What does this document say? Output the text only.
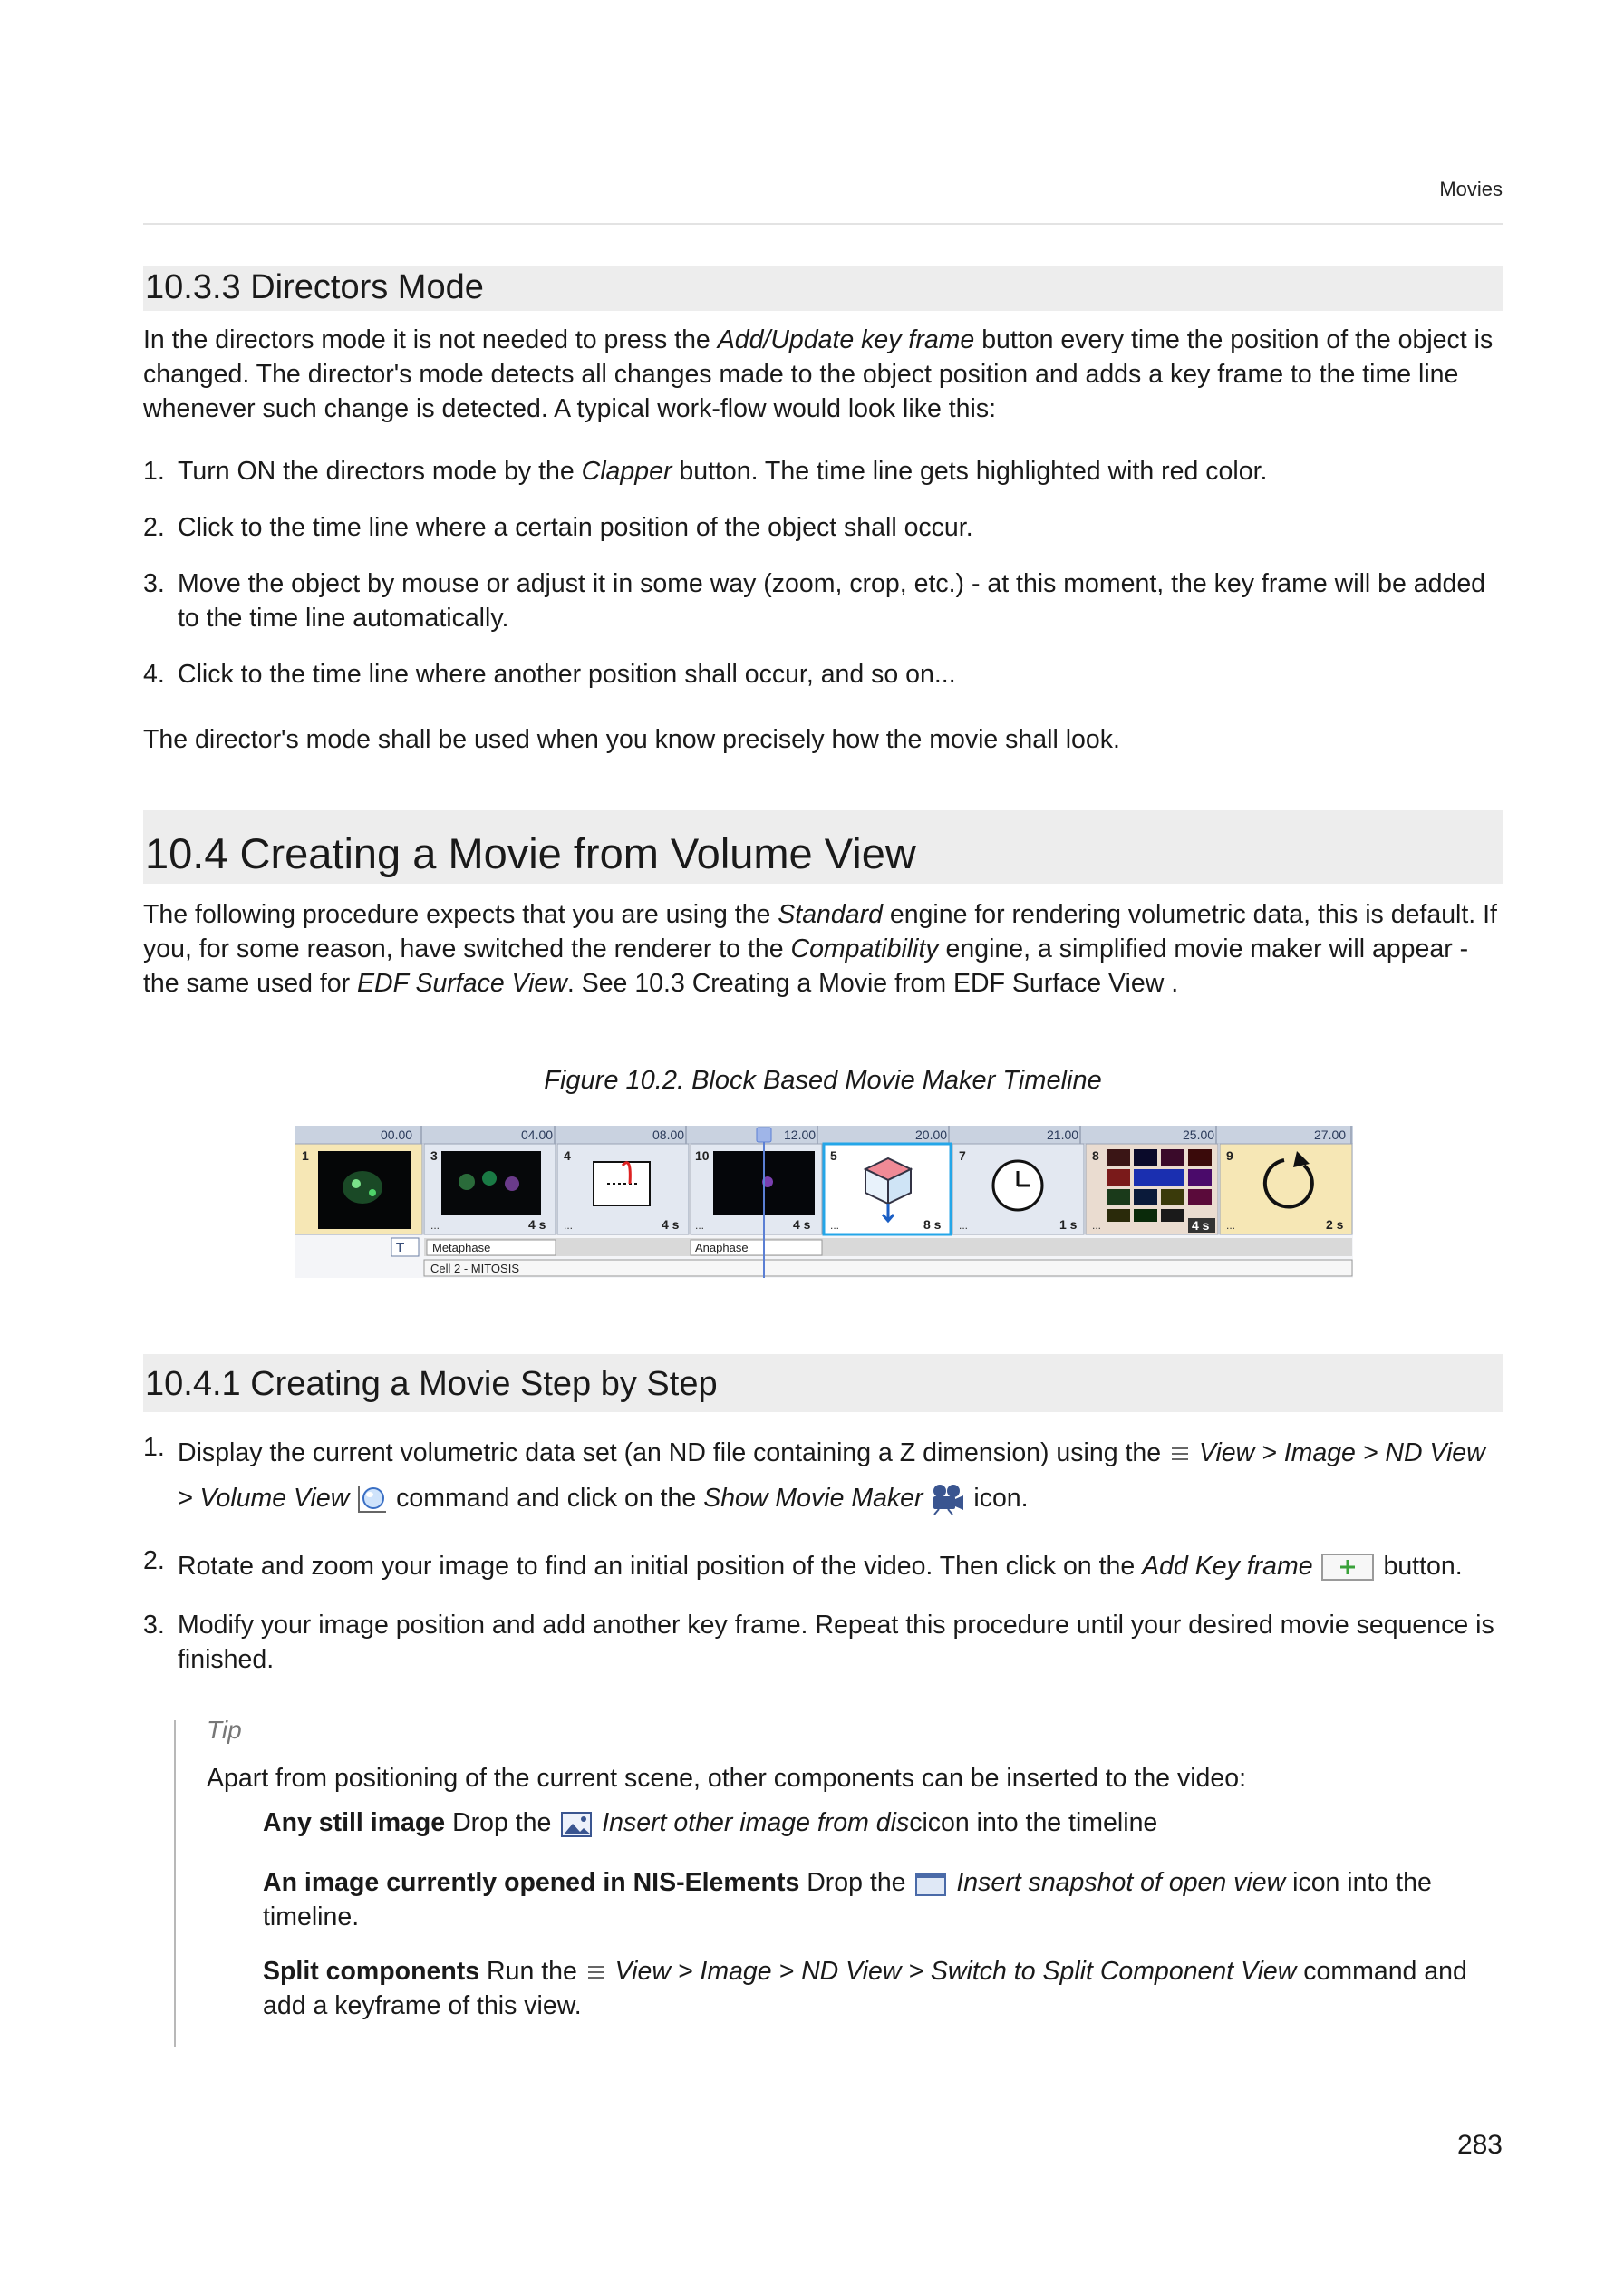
Movies
10.3.3 Directors Mode
In the directors mode it is not needed to press the Add/Update key frame button every time the position of the object is changed. The director's mode detects all changes made to the object position and adds a key frame to the time line whenever such change is detected. A typical work-flow would look like this:
1. Turn ON the directors mode by the Clapper button. The time line gets highlighted with red color.
2. Click to the time line where a certain position of the object shall occur.
3. Move the object by mouse or adjust it in some way (zoom, crop, etc.) - at this moment, the key frame will be added to the time line automatically.
4. Click to the time line where another position shall occur, and so on...
The director's mode shall be used when you know precisely how the movie shall look.
10.4 Creating a Movie from Volume View
The following procedure expects that you are using the Standard engine for rendering volumetric data, this is default. If you, for some reason, have switched the renderer to the Compatibility engine, a simplified movie maker will appear - the same used for EDF Surface View. See 10.3 Creating a Movie from EDF Surface View .
Figure 10.2. Block Based Movie Maker Timeline
00.00	04.00	08.00	12.00	20.00	21.00	25.00	27.00
1	3
...	4 s
4
...	4 s
10
...	4 s
5
...	8 s
7
...	1 s
8
...	4 s
9
...	2 s
T Metaphase	Anaphase
Cell 2 - MITOSIS
10.4.1 Creating a Movie Step by Step
1. Display the current volumetric data set (an ND file containing a Z dimension) using the  View > Image > ND View > Volume View  command and click on the Show Movie Maker  icon.
2. Rotate and zoom your image to find an initial position of the video. Then click on the Add Key frame	button.
3. Modify your image position and add another key frame. Repeat this procedure until your desired movie sequence is finished.
Tip
Apart from positioning of the current scene, other components can be inserted to the video:
Any still image Drop the  Insert other image from discicon into the timeline
An image currently opened in NIS-Elements Drop the  Insert snapshot of open view icon into the timeline.
Split components Run the  View > Image > ND View > Switch to Split Component View command and add a keyframe of this view.
283
